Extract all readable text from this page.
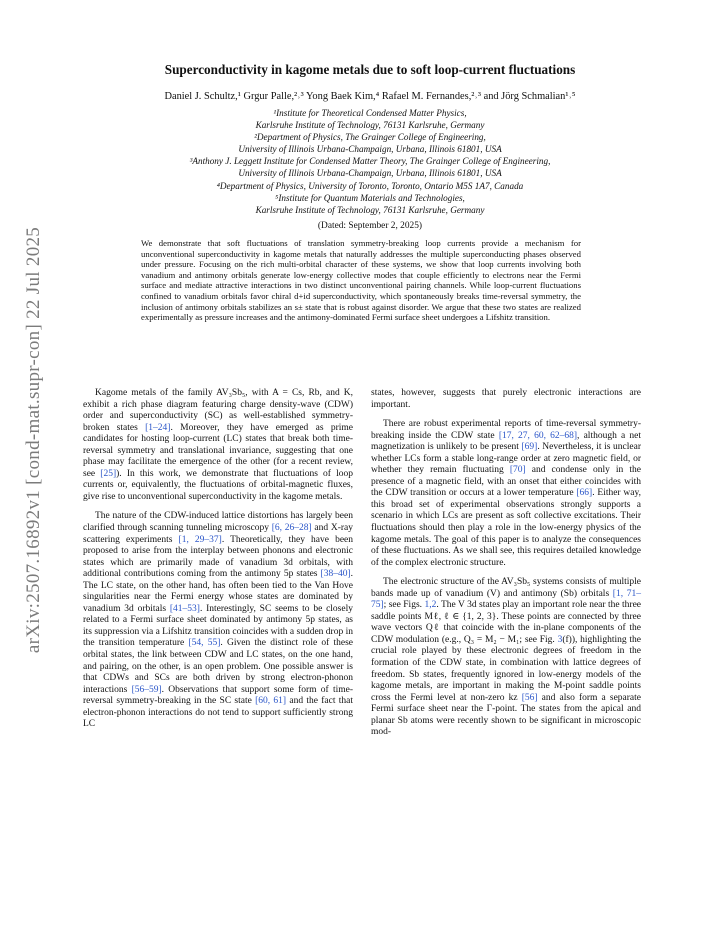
arXiv:2507.16892v1 [cond-mat.supr-con] 22 Jul 2025
Superconductivity in kagome metals due to soft loop-current fluctuations
Daniel J. Schultz,¹ Grgur Palle,²˒³ Yong Baek Kim,⁴ Rafael M. Fernandes,²˒³ and Jörg Schmalian¹˒⁵
¹Institute for Theoretical Condensed Matter Physics,
Karlsruhe Institute of Technology, 76131 Karlsruhe, Germany
²Department of Physics, The Grainger College of Engineering,
University of Illinois Urbana-Champaign, Urbana, Illinois 61801, USA
³Anthony J. Leggett Institute for Condensed Matter Theory, The Grainger College of Engineering,
University of Illinois Urbana-Champaign, Urbana, Illinois 61801, USA
⁴Department of Physics, University of Toronto, Toronto, Ontario M5S 1A7, Canada
⁵Institute for Quantum Materials and Technologies,
Karlsruhe Institute of Technology, 76131 Karlsruhe, Germany
(Dated: September 2, 2025)
We demonstrate that soft fluctuations of translation symmetry-breaking loop currents provide a mechanism for unconventional superconductivity in kagome metals that naturally addresses the multiple superconducting phases observed under pressure. Focusing on the rich multi-orbital character of these systems, we show that loop currents involving both vanadium and antimony orbitals generate low-energy collective modes that couple efficiently to electrons near the Fermi surface and mediate attractive interactions in two distinct unconventional pairing channels. While loop-current fluctuations confined to vanadium orbitals favor chiral d+id superconductivity, which spontaneously breaks time-reversal symmetry, the inclusion of antimony orbitals stabilizes an s± state that is robust against disorder. We argue that these two states are realized experimentally as pressure increases and the antimony-dominated Fermi surface sheet undergoes a Lifshitz transition.

Kagome metals of the family AV₃Sb₅, with A = Cs, Rb, and K, exhibit a rich phase diagram featuring charge density-wave (CDW) order and superconductivity (SC) as well-established symmetry-broken states [1–24]. Moreover, they have emerged as prime candidates for hosting loop-current (LC) states that break both time-reversal symmetry and translational invariance, suggesting that one phase may facilitate the emergence of the other (for a recent review, see [25]). In this work, we demonstrate that fluctuations of loop currents or, equivalently, the fluctuations of orbital-magnetic fluxes, give rise to unconventional superconductivity in the kagome metals.

The nature of the CDW-induced lattice distortions has largely been clarified through scanning tunneling microscopy [6, 26–28] and X-ray scattering experiments [1, 29–37]. Theoretically, they have been proposed to arise from the interplay between phonons and electronic states which are primarily made of vanadium 3d orbitals, with additional contributions coming from the antimony 5p states [38–40]. The LC state, on the other hand, has often been tied to the Van Hove singularities near the Fermi energy whose states are dominated by vanadium 3d orbitals [41–53]. Interestingly, SC seems to be closely related to a Fermi surface sheet dominated by antimony 5p states, as its suppression via a Lifshitz transition coincides with a sudden drop in the transition temperature [54, 55]. Given the distinct role of these orbital states, the link between CDW and LC states, on the one hand, and pairing, on the other, is an open problem. One possible answer is that CDWs and SCs are both driven by strong electron-phonon interactions [56–59]. Observations that support some form of time-reversal symmetry-breaking in the SC state [60, 61] and the fact that electron-phonon interactions do not tend to support sufficiently strong LC

states, however, suggests that purely electronic interactions are important.

There are robust experimental reports of time-reversal symmetry-breaking inside the CDW state [17, 27, 60, 62–68], although a net magnetization is unlikely to be present [69]. Nevertheless, it is unclear whether LCs form a stable long-range order at zero magnetic field, or whether they remain fluctuating [70] and condense only in the presence of a magnetic field, with an onset that either coincides with the CDW transition or occurs at a lower temperature [66]. Either way, this broad set of experimental observations strongly supports a scenario in which LCs are present as soft collective excitations. Their fluctuations should then play a role in the low-energy physics of the kagome metals. The goal of this paper is to analyze the consequences of these fluctuations. As we shall see, this requires detailed knowledge of the complex electronic structure.

The electronic structure of the AV₃Sb₅ systems consists of multiple bands made up of vanadium (V) and antimony (Sb) orbitals [1, 71–75]; see Figs. 1,2. The V 3d states play an important role near the three saddle points Mℓ, ℓ ∈ {1, 2, 3}. These points are connected by three wave vectors Qℓ that coincide with the in-plane components of the CDW modulation (e.g., Q₃ = M₂ − M₁; see Fig. 3(f)), highlighting the crucial role played by these electronic degrees of freedom in the formation of the CDW state, in combination with lattice degrees of freedom. Sb states, frequently ignored in low-energy models of the kagome metals, are important in making the M-point saddle points cross the Fermi level at non-zero kz [56] and also form a separate Fermi surface sheet near the Γ-point. The states from the apical and planar Sb atoms were recently shown to be significant in microscopic mod-
